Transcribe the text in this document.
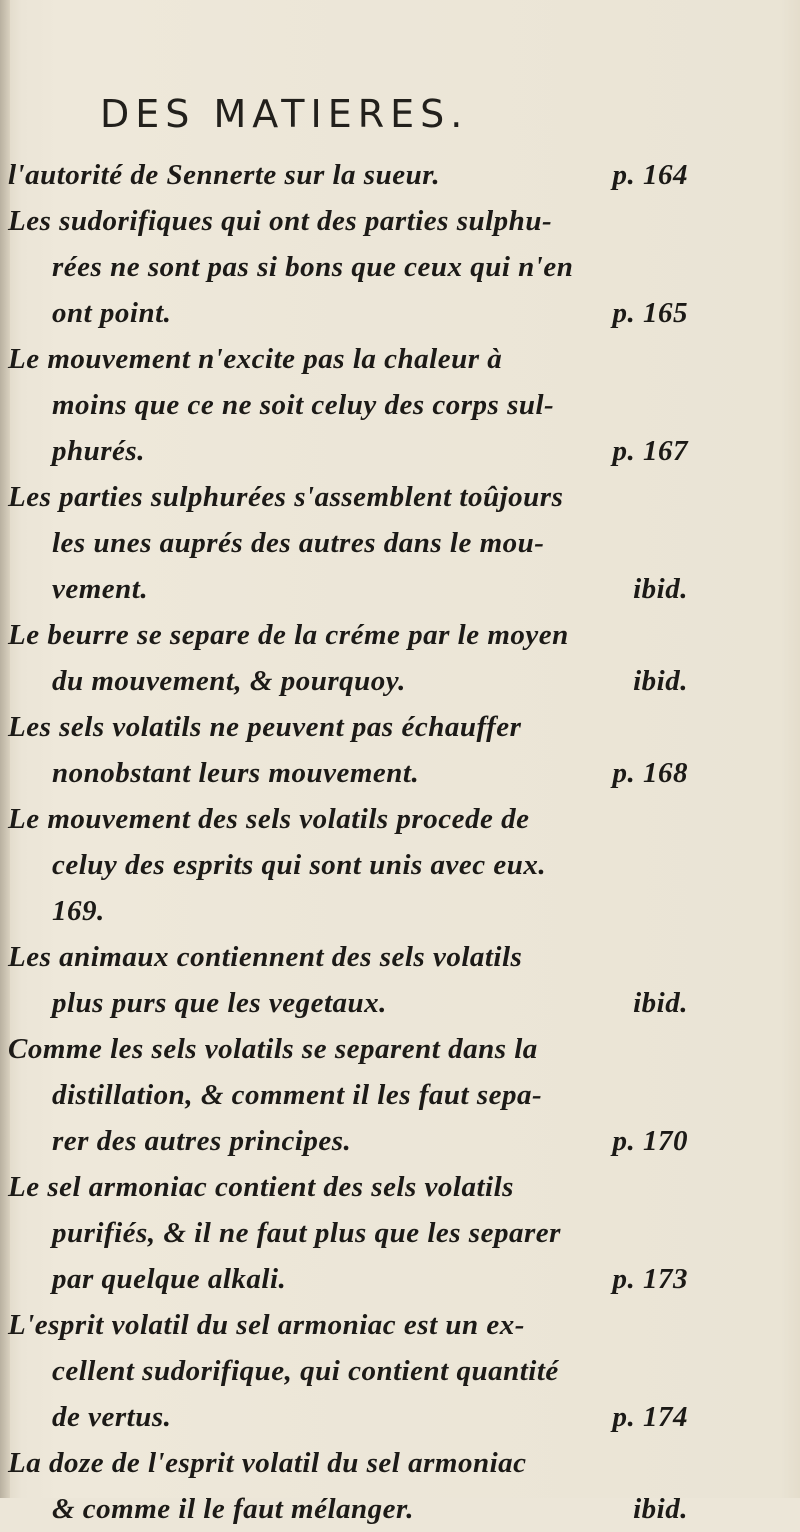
DES MATIERES.
l'autorité de Sennerte sur la sueur.	p. 164
Les sudorifiques qui ont des parties sulphu-
rées ne sont pas si bons que ceux qui n'en
ont point.	p. 165
Le mouvement n'excite pas la chaleur à
moins que ce ne soit celuy des corps sul-
phurés.	p. 167
Les parties sulphurées s'assemblent toûjours
les unes auprés des autres dans le mou-
vement.	ibid.
Le beurre se separe de la créme par le moyen
du mouvement, & pourquoy.	ibid.
Les sels volatils ne peuvent pas échauffer
nonobstant leurs mouvement.	p. 168
Le mouvement des sels volatils procede de
celuy des esprits qui sont unis avec eux.
169.
Les animaux contiennent des sels volatils
plus purs que les vegetaux.	ibid.
Comme les sels volatils se separent dans la
distillation, & comment il les faut sepa-
rer des autres principes.	p. 170
Le sel armoniac contient des sels volatils
purifiés, & il ne faut plus que les separer
par quelque alkali.	p. 173
L'esprit volatil du sel armoniac est un ex-
cellent sudorifique, qui contient quantité
de vertus.	p. 174
La doze de l'esprit volatil du sel armoniac
& comme il le faut mélanger.	ibid.
